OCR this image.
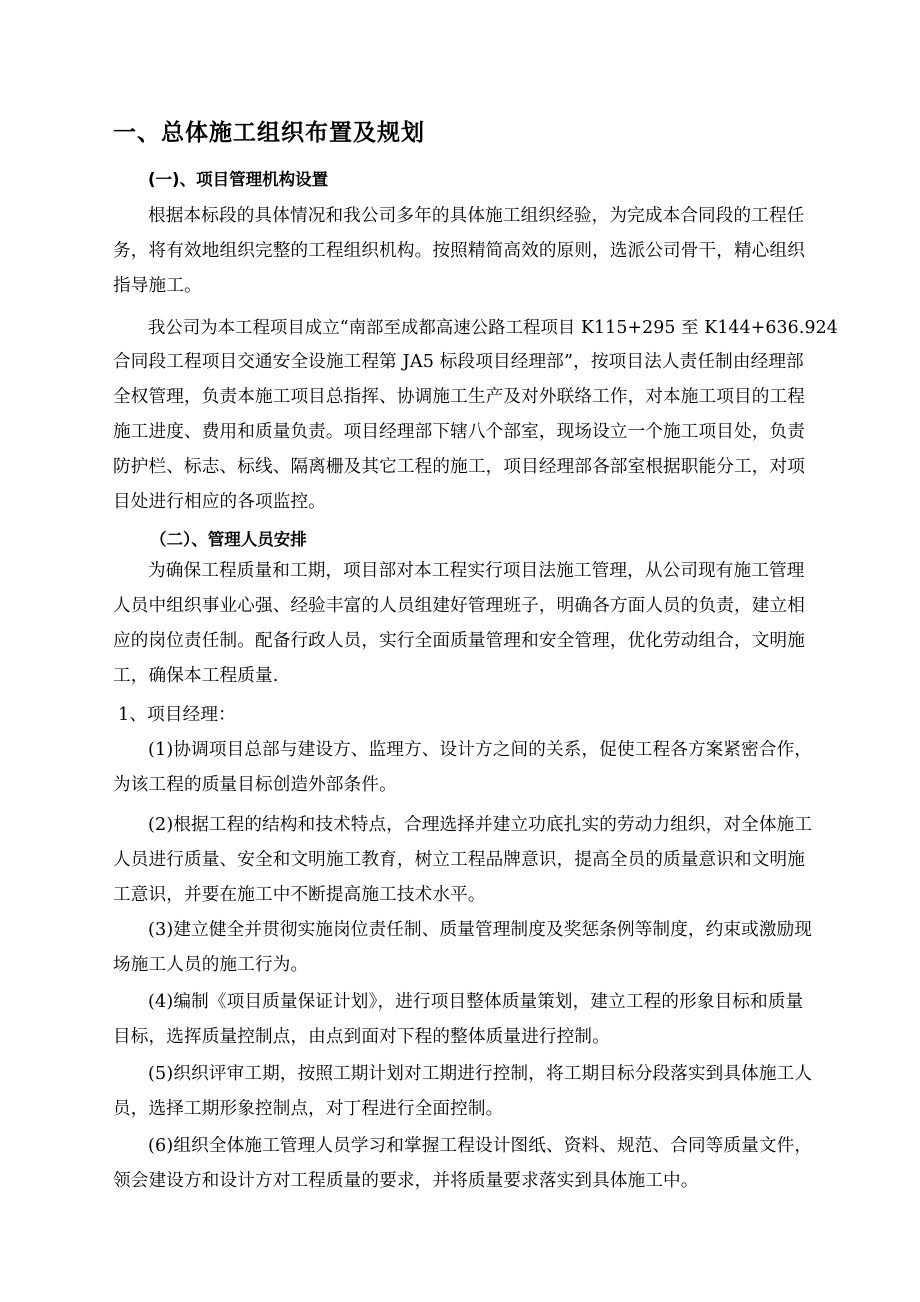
一、总体施工组织布置及规划
(一)、项目管理机构设置
根据本标段的具体情况和我公司多年的具体施工组织经验，为完成本合同段的工程任
务，将有效地组织完整的工程组织机构。按照精简高效的原则，选派公司骨干，精心组织
指导施工。
我公司为本工程项目成立“南部至成都高速公路工程项目 K115+295 至 K144+636.924
合同段工程项目交通安全设施工程第 JA5 标段项目经理部”，按项目法人责任制由经理部
全权管理，负责本施工项目总指挥、协调施工生产及对外联络工作，对本施工项目的工程
施工进度、费用和质量负责。项目经理部下辖八个部室，现场设立一个施工项目处，负责
防护栏、标志、标线、隔离栅及其它工程的施工，项目经理部各部室根据职能分工，对项
目处进行相应的各项监控。
（二）、管理人员安排
为确保工程质量和工期，项目部对本工程实行项目法施工管理，从公司现有施工管理
人员中组织事业心强、经验丰富的人员组建好管理班子，明确各方面人员的负责，建立相
应的岗位责任制。配备行政人员，实行全面质量管理和安全管理，优化劳动组合，文明施
工，确保本工程质量.
1、项目经理：
(1)协调项目总部与建设方、监理方、设计方之间的关系，促使工程各方案紧密合作，
为该工程的质量目标创造外部条件。
(2)根据工程的结构和技术特点，合理选择并建立功底扎实的劳动力组织，对全体施工
人员进行质量、安全和文明施工教育，树立工程品牌意识，提高全员的质量意识和文明施
工意识，并要在施工中不断提高施工技术水平。
(3)建立健全并贯彻实施岗位责任制、质量管理制度及奖惩条例等制度，约束或激励现
场施工人员的施工行为。
(4)编制《项目质量保证计划》，进行项目整体质量策划，建立工程的形象目标和质量
目标，选挥质量控制点，由点到面对下程的整体质量进行控制。
(5)织织评审工期，按照工期计划对工期进行控制，将工期目标分段落实到具体施工人
员，选择工期形象控制点，对丁程进行全面控制。
(6)组织全体施工管理人员学习和掌握工程设计图纸、资料、规范、合同等质量文件，
领会建设方和设计方对工程质量的要求，并将质量要求落实到具体施工中。
